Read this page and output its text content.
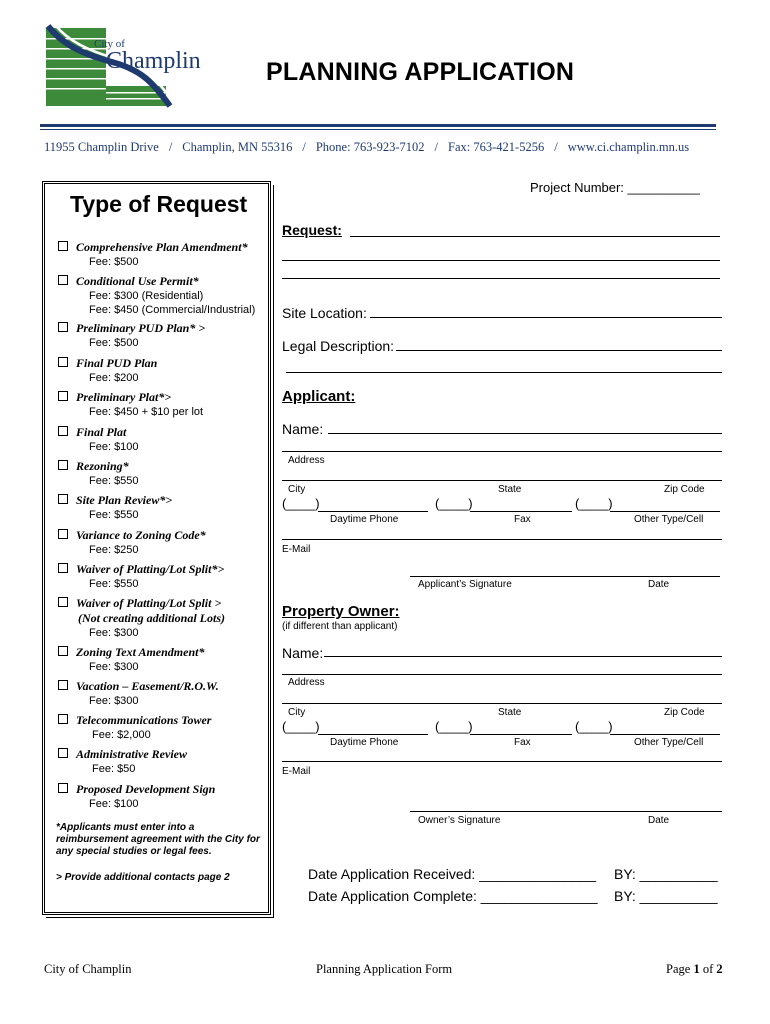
City of
Champlin	PLANNING APPLICATION
11955 Champlin Drive / Champlin, MN 55316 / Phone: 763-923-7102 / Fax: 763-421-5256 / www.ci.champlin.mn.us
Project Number: __________
Type of Request
Comprehensive Plan Amendment*
Fee: $500
Conditional Use Permit*
Fee: $300 (Residential)
Fee: $450 (Commercial/Industrial)
Preliminary PUD Plan* >
Fee: $500
Final PUD Plan
Fee: $200
Preliminary Plat*>
Fee: $450 + $10 per lot
Final Plat
Fee: $100
Rezoning*
Fee: $550
Site Plan Review*>
Fee: $550
Variance to Zoning Code*
Fee: $250
Waiver of Platting/Lot Split*>
Fee: $550
Waiver of Platting/Lot Split >
(Not creating additional Lots)
Fee: $300
Zoning Text Amendment*
Fee: $300
Vacation – Easement/R.O.W.
Fee: $300
Telecommunications Tower
Fee: $2,000
Administrative Review
Fee: $50
Proposed Development Sign
Fee: $100
*Applicants must enter into a reimbursement agreement with the City for any special studies or legal fees.
> Provide additional contacts page 2
Request:
Site Location:
Legal Description:
Applicant:
Name:
Address
City	State	Zip Code
(____)	(____)	(____)
Daytime Phone	Fax	Other Type/Cell
E-Mail
Applicant’s Signature	Date
Property Owner:
(if different than applicant)
Name:
Address
City	State	Zip Code
(____)	(____)	(____)
Daytime Phone	Fax	Other Type/Cell
E-Mail
Owner’s Signature	Date
Date Application Received: _______________ BY: __________
Date Application Complete: _______________ BY: __________
City of Champlin	Planning Application Form	Page 1 of 2
